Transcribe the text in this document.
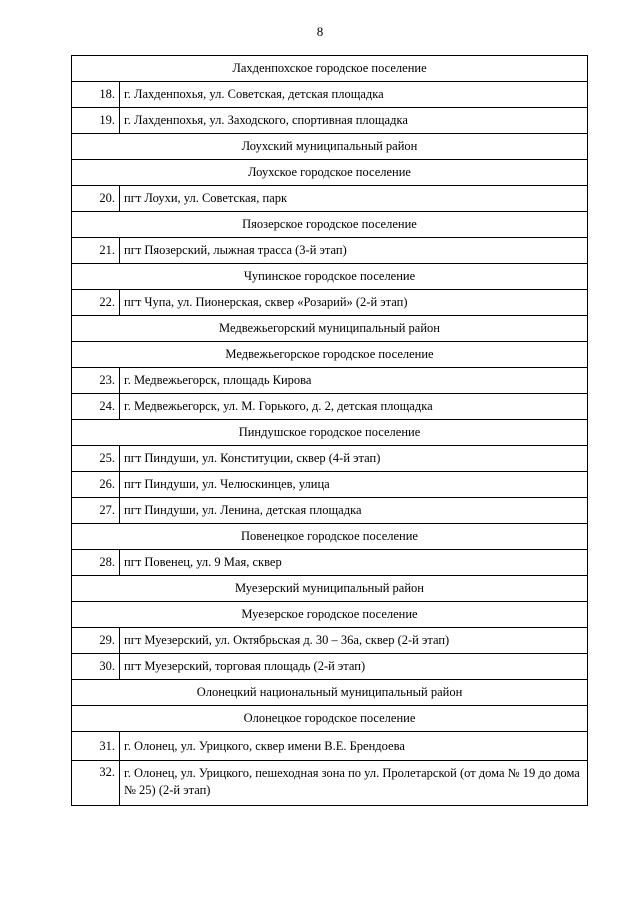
8
Лахденпохское городское поселение	
18.	г. Лахденпохья, ул. Советская, детская площадка
19.	г. Лахденпохья, ул. Заходского, спортивная площадка
Лоухский муниципальный район	
Лоухское городское поселение	
20.	пгт Лоухи, ул. Советская, парк
Пяозерское городское поселение	
21.	пгт Пяозерский, лыжная трасса (3-й этап)
Чупинское городское поселение	
22.	пгт Чупа, ул. Пионерская, сквер «Розарий» (2-й этап)
Медвежьегорский муниципальный район	
Медвежьегорское городское поселение	
23.	г. Медвежьегорск, площадь Кирова
24.	г. Медвежьегорск, ул. М. Горького, д. 2, детская площадка
Пиндушское городское поселение	
25.	пгт Пиндуши, ул. Конституции, сквер (4-й этап)
26.	пгт Пиндуши, ул. Челюскинцев, улица
27.	пгт Пиндуши, ул. Ленина, детская площадка
Повенецкое городское поселение	
28.	пгт Повенец, ул. 9 Мая, сквер
Муезерский муниципальный район	
Муезерское городское поселение	
29.	пгт Муезерский, ул. Октябрьская д. 30 – 36а, сквер (2-й этап)
30.	пгт Муезерский, торговая площадь (2-й этап)
Олонецкий национальный муниципальный район	
Олонецкое городское поселение	
31.	г. Олонец, ул. Урицкого, сквер имени В.Е. Брендоева
32.	г. Олонец, ул. Урицкого, пешеходная зона по ул. Пролетарской (от дома № 19 до дома № 25) (2-й этап)
